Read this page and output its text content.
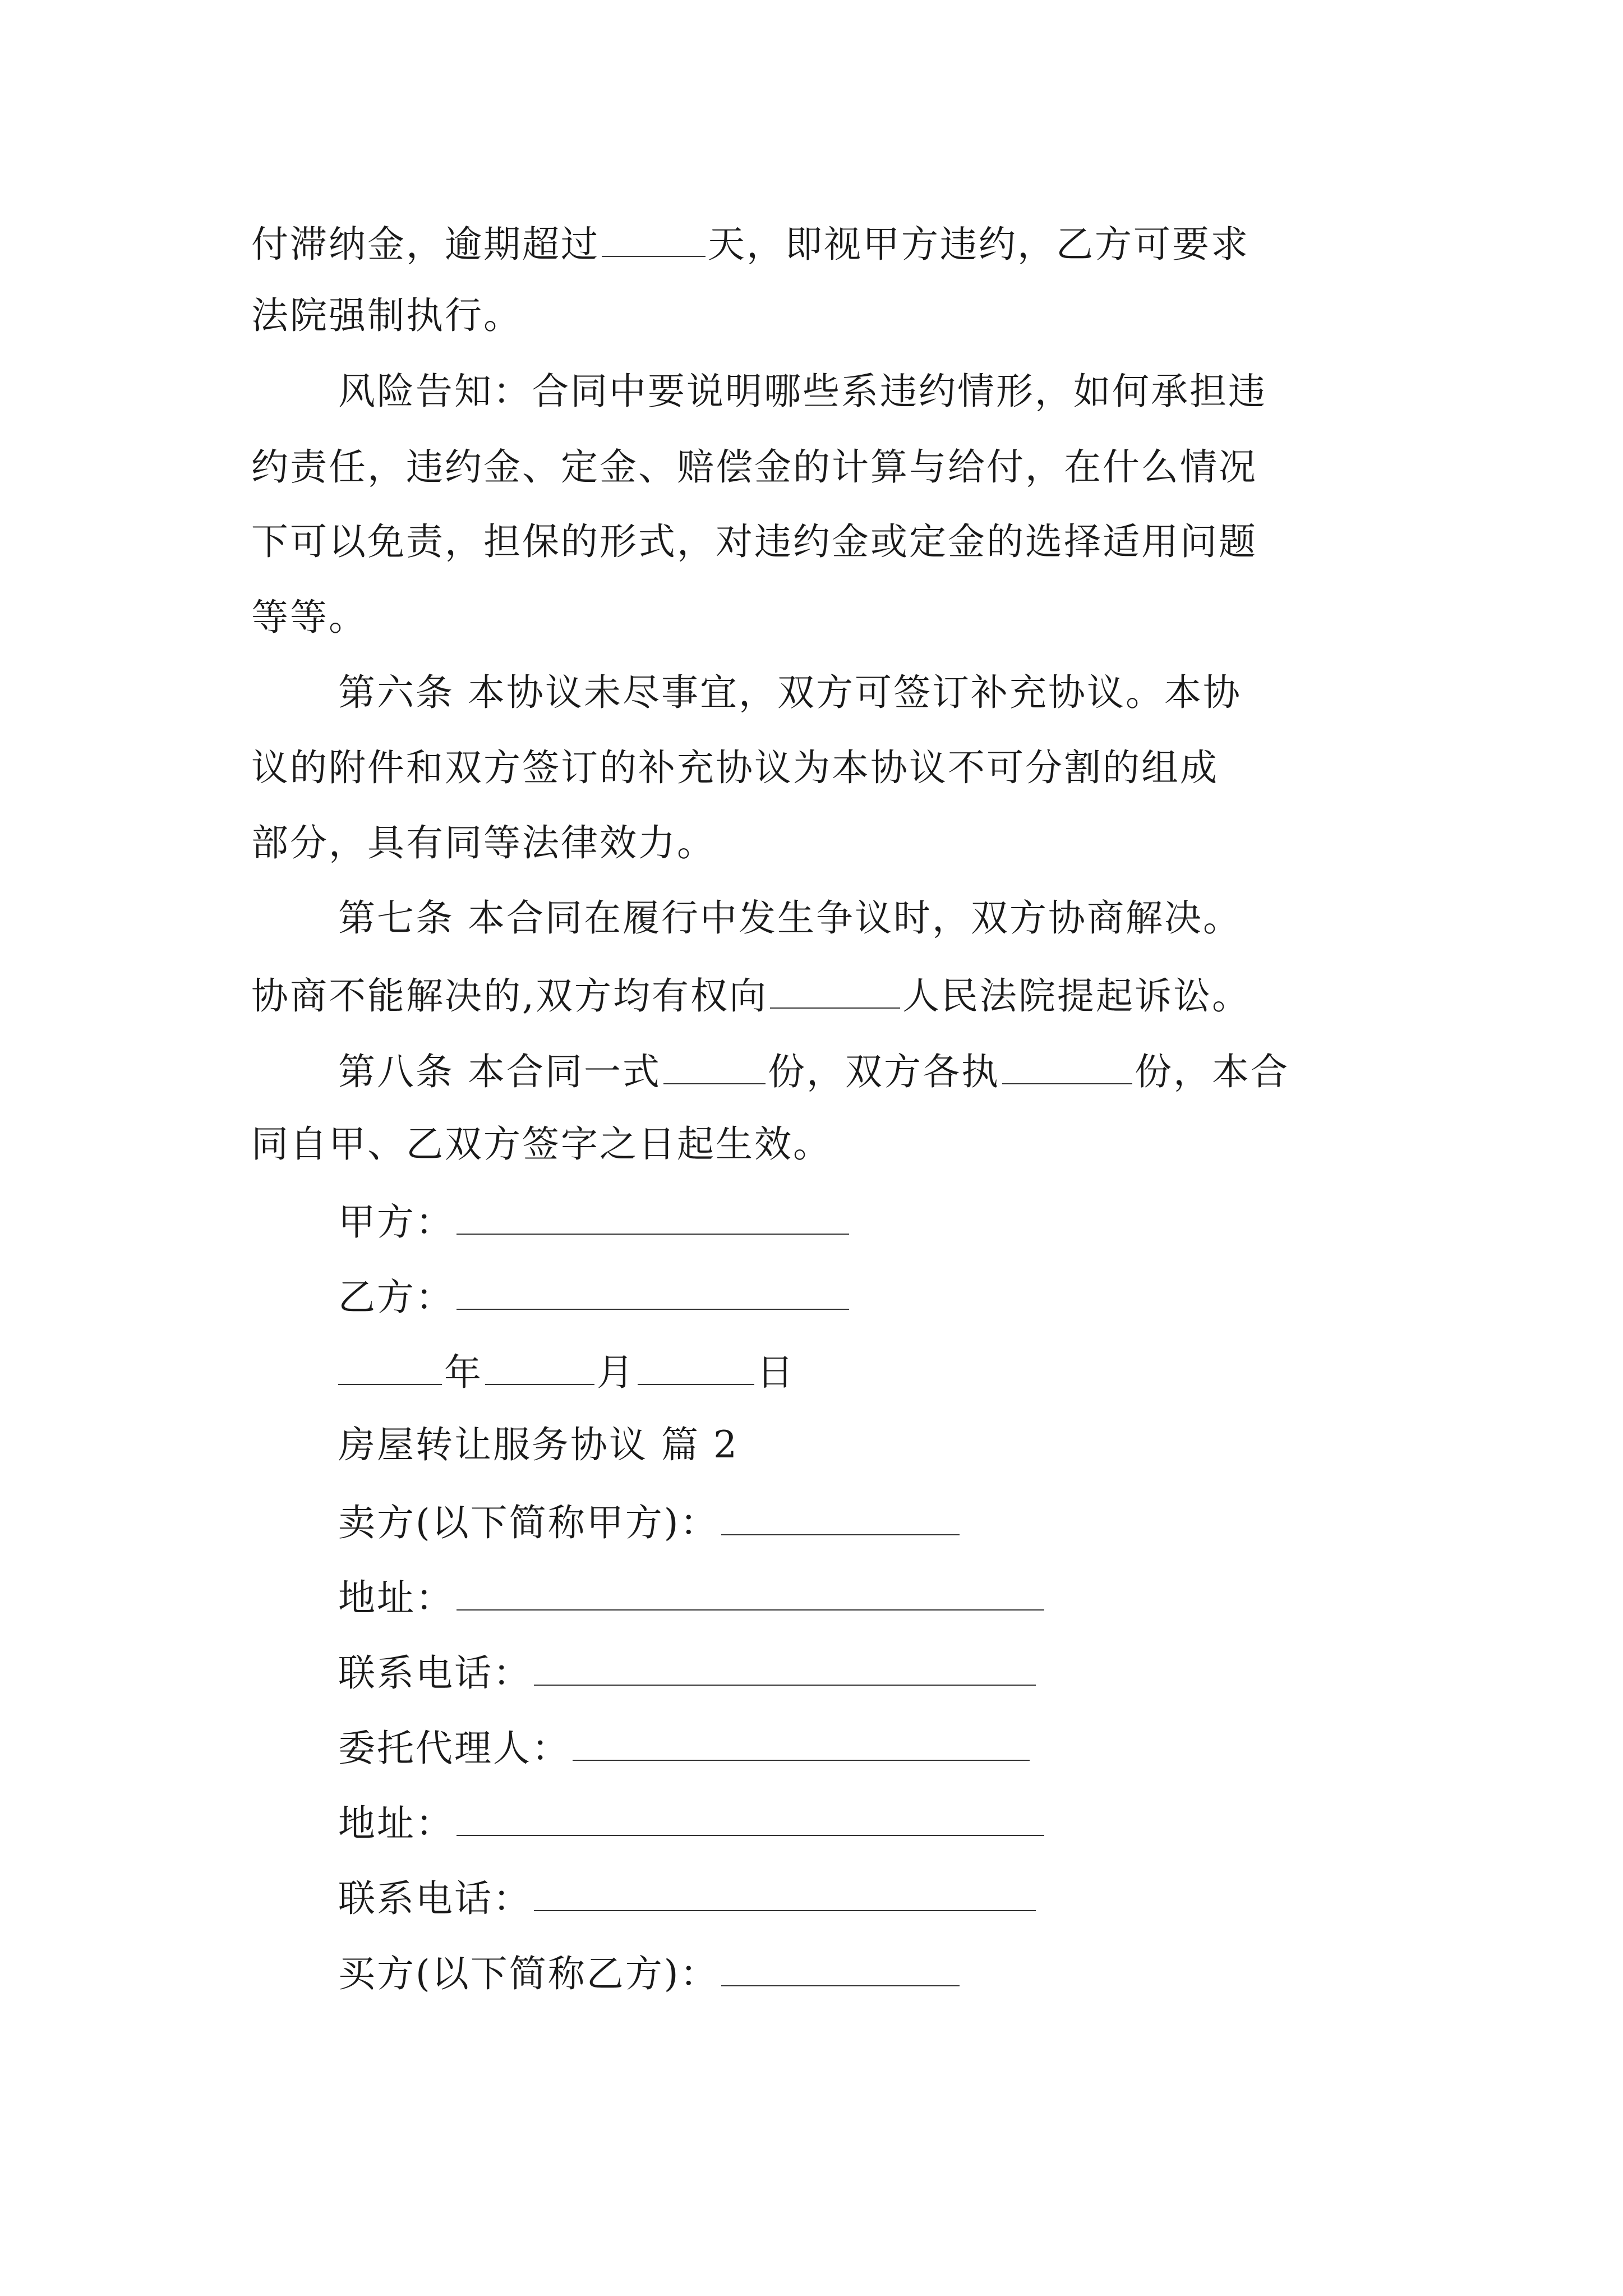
付滞纳金，逾期超过	天，即视甲方违约，乙方可要求
法院强制执行。
风险告知：合同中要说明哪些系违约情形，如何承担违
约责任，违约金、定金、赔偿金的计算与给付，在什么情况
下可以免责，担保的形式，对违约金或定金的选择适用问题
等等。
第六条 本协议未尽事宜，双方可签订补充协议。本协
议的附件和双方签订的补充协议为本协议不可分割的组成
部分，具有同等法律效力。
第七条 本合同在履行中发生争议时，双方协商解决。
协商不能解决的,双方均有权向	人民法院提起诉讼。
第八条 本合同一式	份，双方各执	份，本合
同自甲、乙双方签字之日起生效。
甲方：
乙方：
年	月	日
房屋转让服务协议 篇 2
卖方(以下简称甲方)：
地址：
联系电话：
委托代理人：
地址：
联系电话：
买方(以下简称乙方)：
